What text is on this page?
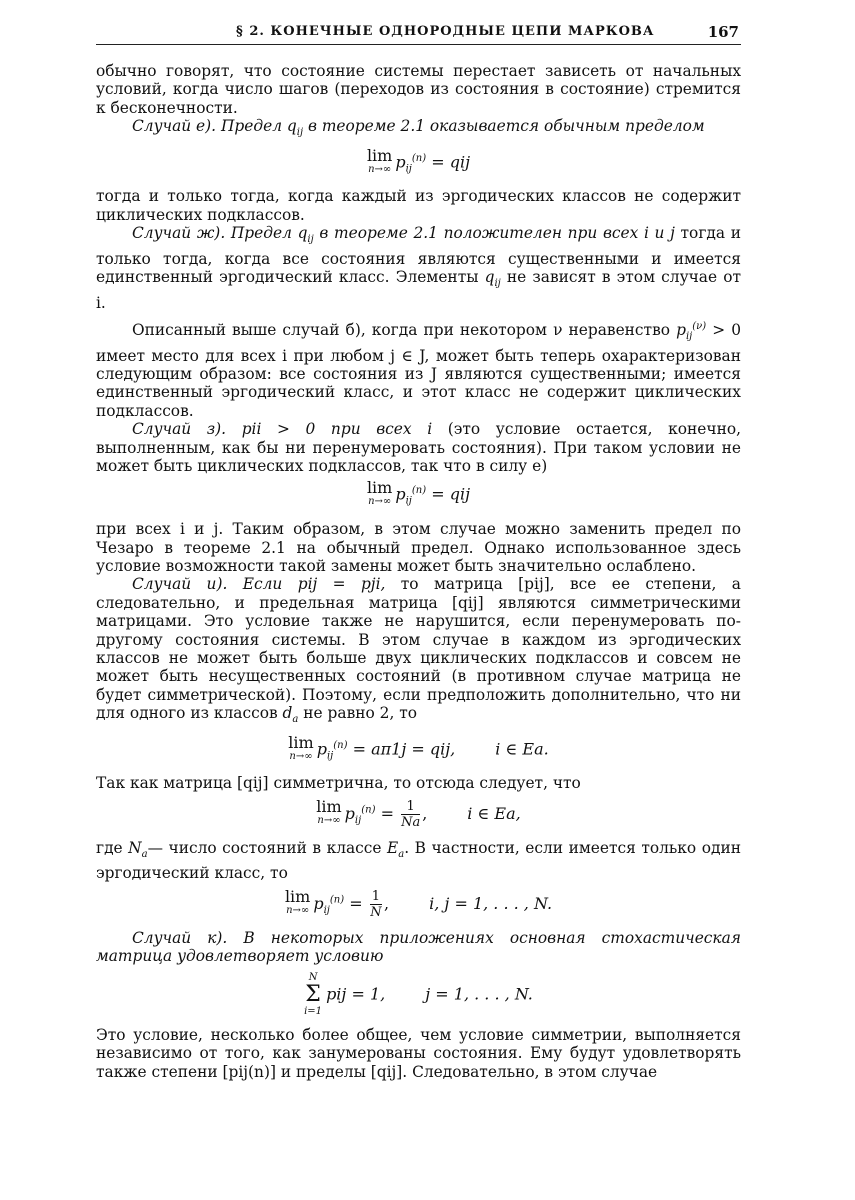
§ 2. КОНЕЧНЫЕ ОДНОРОДНЫЕ ЦЕПИ МАРКОВА	167

обычно говорят, что состояние системы перестает зависеть от начальных условий, когда число шагов (переходов из состояния в состояние) стремится к бесконечности.

Случай е). Предел $q_{ij}$ в теореме 2.1 оказывается обычным пределом

lim
n→∞ $p_{ij}^{(n)}$ = qij

тогда и только тогда, когда каждый из эргодических классов не содержит циклических подклассов.

Случай ж). Предел $q_{ij}$ в теореме 2.1 положителен при всех i и j тогда и только тогда, когда все состояния являются существенными и имеется единственный эргодический класс. Элементы $q_{ij}$ не зависят в этом случае от i.

Описанный выше случай б), когда при некотором ν неравенство $p_{ij}^{(\nu)} > 0$ имеет место для всех i при любом j ∈ J, может быть теперь охарактеризован следующим образом: все состояния из J являются существенными; имеется единственный эргодический класс, и этот класс не содержит циклических подклассов.

Случай з). pii > 0 при всех i (это условие остается, конечно, выполненным, как бы ни перенумеровать состояния). При таком условии не может быть циклических подклассов, так что в силу е)

lim
n→∞ $p_{ij}^{(n)}$ = qij

при всех i и j. Таким образом, в этом случае можно заменить предел по Чезаро в теореме 2.1 на обычный предел. Однако использованное здесь условие возможности такой замены может быть значительно ослаблено.

Случай и). Если pij = pji, то матрица [pij], все ее степени, а следовательно, и предельная матрица [qij] являются симметрическими матрицами. Это условие также не нарушится, если перенумеровать по-другому состояния системы. В этом случае в каждом из эргодических классов не может быть больше двух циклических подклассов и совсем не может быть несущественных состояний (в противном случае матрица не будет симметрической). Поэтому, если предположить дополнительно, что ни для одного из классов $d_a$ не равно 2, то

lim
n→∞ $p_{ij}^{(n)} = a\pi 1j$ = qij,	i ∈ Ea.

Так как матрица [qij] симметрична, то отсюда следует, что

lim
n→∞ $p_{ij}^{(n)} = \frac{1}{Na}$ ,	i ∈ Ea,

где $N_a—$ число состояний в классе $E_a$. В частности, если имеется только один эргодический класс, то

lim
n→∞ $p_{ij}^{(n)} = \frac{1}{N}$ ,	i, j = 1, . . . , N.

Случай к). В некоторых приложениях основная стохастическая матрица удовлетворяет условию

N
Σ
i=1
pij = 1,	j = 1, . . . , N.

Это условие, несколько более общее, чем условие симметрии, выполняется независимо от того, как занумерованы состояния. Ему будут удовлетворять также степени [pij(n)] и пределы [qij]. Следовательно, в этом случае
